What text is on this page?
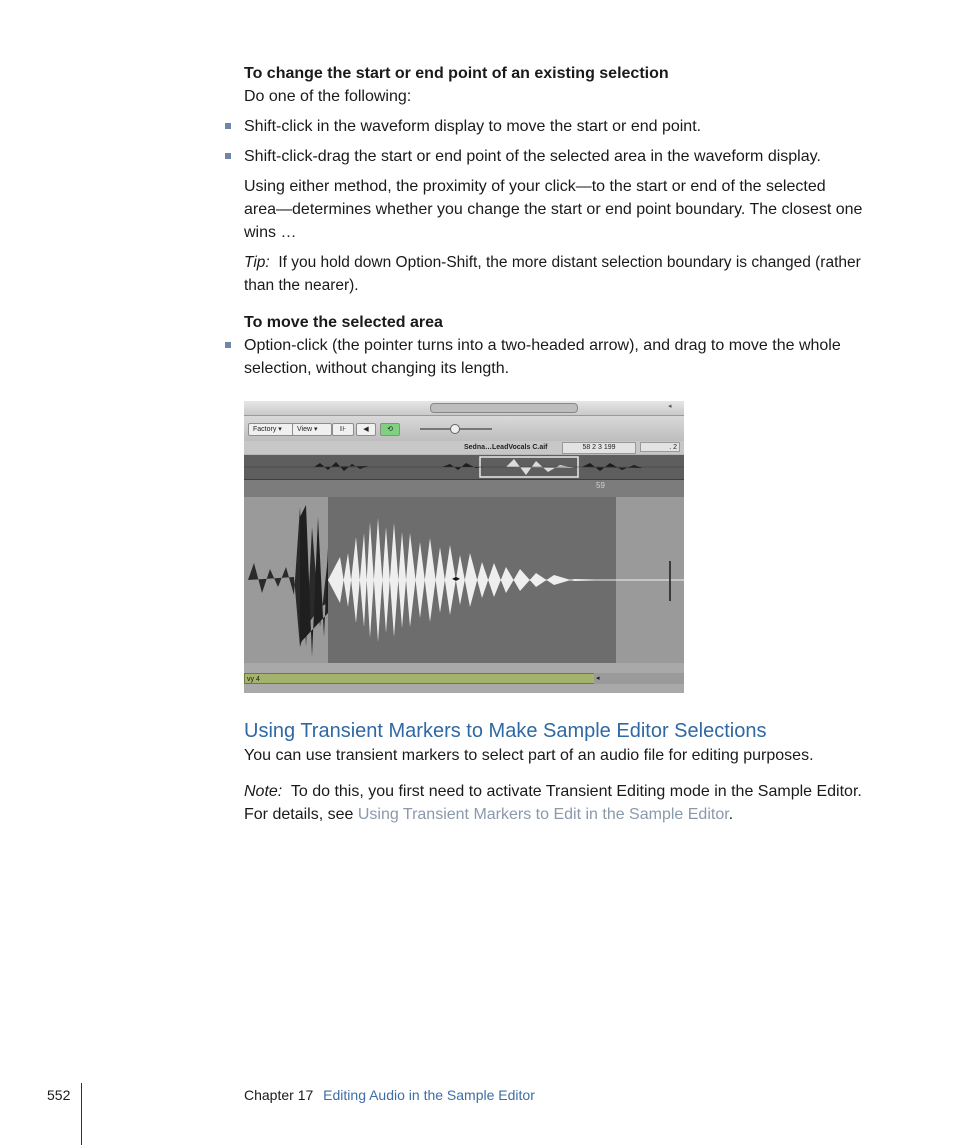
To change the start or end point of an existing selection
Do one of the following:
Shift-click in the waveform display to move the start or end point.
Shift-click-drag the start or end point of the selected area in the waveform display.
Using either method, the proximity of your click—to the start or end of the selected
area—determines whether you change the start or end point boundary. The closest one
wins …
Tip: If you hold down Option-Shift, the more distant selection boundary is changed (rather
than the nearer).
To move the selected area
Option-click (the pointer turns into a two-headed arrow), and drag to move the whole
selection, without changing its length.
◂
Factory ▾	View ▾	⊪	◀	⟲
Sedna…LeadVocals C.aif	58 2 3 199	. 2
59
◂▸
vy 4	◂
Using Transient Markers to Make Sample Editor Selections
You can use transient markers to select part of an audio file for editing purposes.
Note: To do this, you first need to activate Transient Editing mode in the Sample Editor.
For details, see Using Transient Markers to Edit in the Sample Editor.
552	Chapter 17 Editing Audio in the Sample Editor
